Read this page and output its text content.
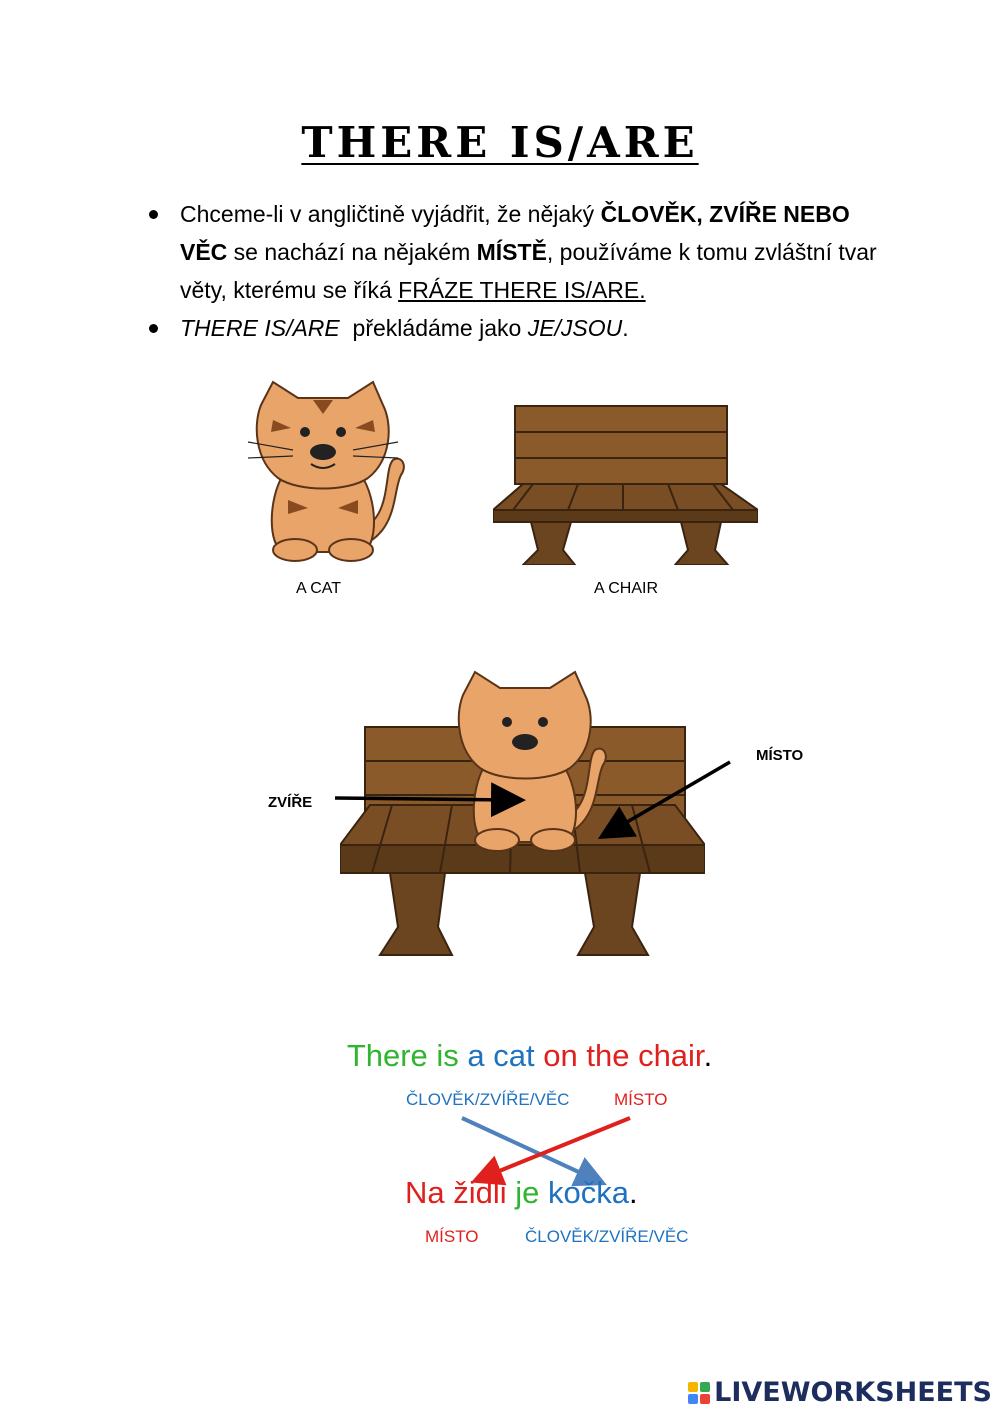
THERE IS/ARE

Chceme-li v angličtině vyjádřit, že nějaký ČLOVĚK, ZVÍŘE NEBO VĚC se nachází na nějakém MÍSTĚ, používáme k tomu zvláštní tvar věty, kterému se říká FRÁZE THERE IS/ARE.

THERE IS/ARE  překládáme jako JE/JSOU.

A CAT	A CHAIR
ZVÍŘE
MÍSTO
There is a cat on the chair.
ČLOVĚK/ZVÍŘE/VĚC	MÍSTO
Na židli je kočka.
MÍSTO	ČLOVĚK/ZVÍŘE/VĚC
LIVEWORKSHEETS
